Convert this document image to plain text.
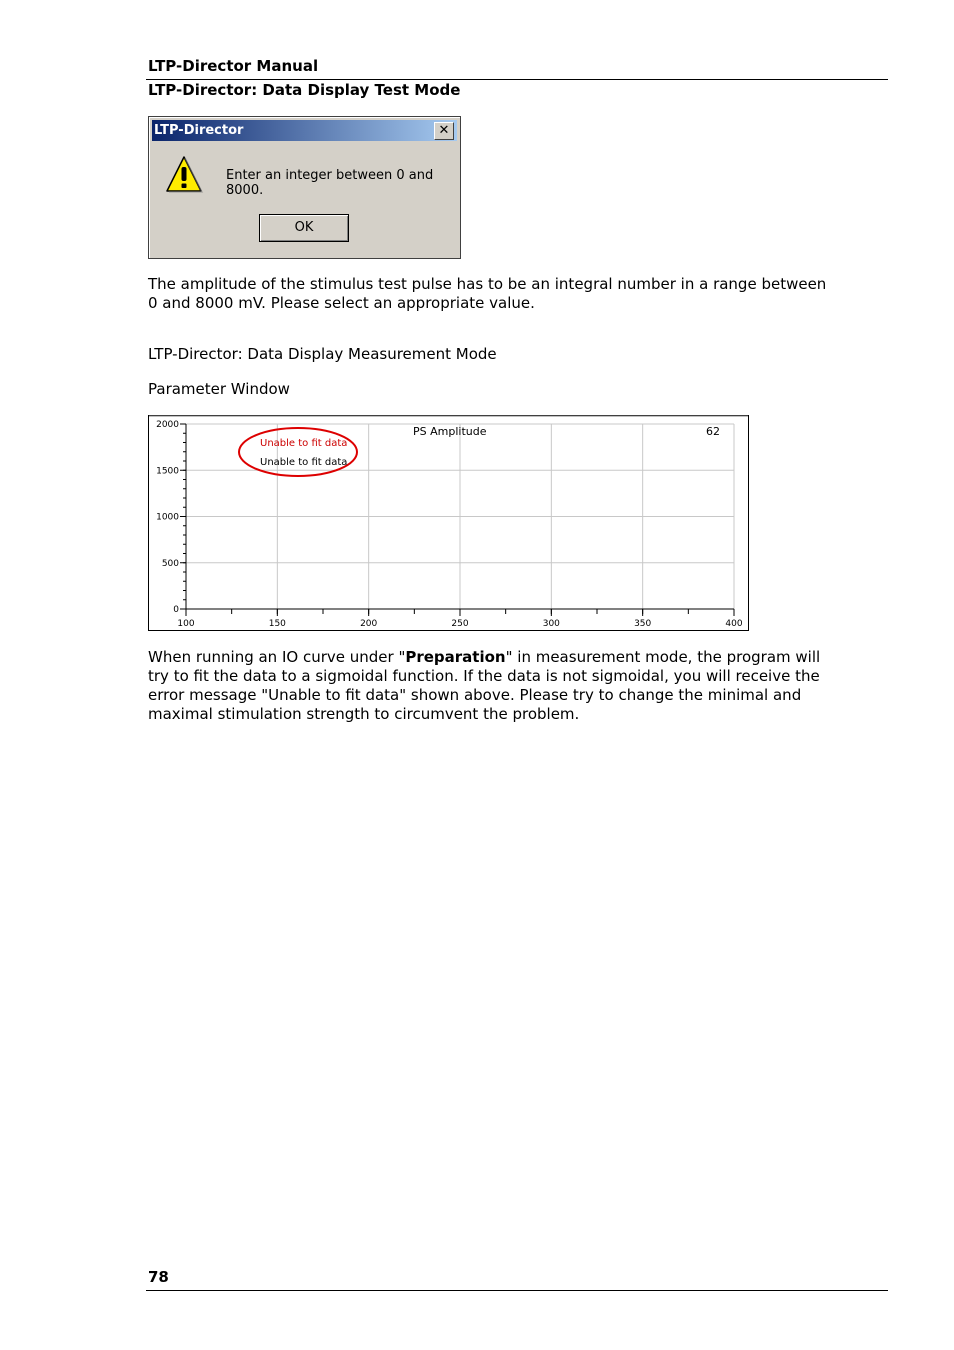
LTP-Director Manual
LTP-Director: Data Display Test Mode
LTP-Director	✕
Enter an integer between 0 and 8000.
OK
The amplitude of the stimulus test pulse has to be an integral number in a range between 0 and 8000 mV. Please select an appropriate value.
LTP-Director: Data Display Measurement Mode
Parameter Window
100	150	200	250	300	350	400
0
500
1000
1500
2000	PS Amplitude	62
Unable to fit data
Unable to fit data
When running an IO curve under "Preparation" in measurement mode, the program will try to fit the data to a sigmoidal function. If the data is not sigmoidal, you will receive the error message "Unable to fit data" shown above. Please try to change the minimal and maximal stimulation strength to circumvent the problem.
78
